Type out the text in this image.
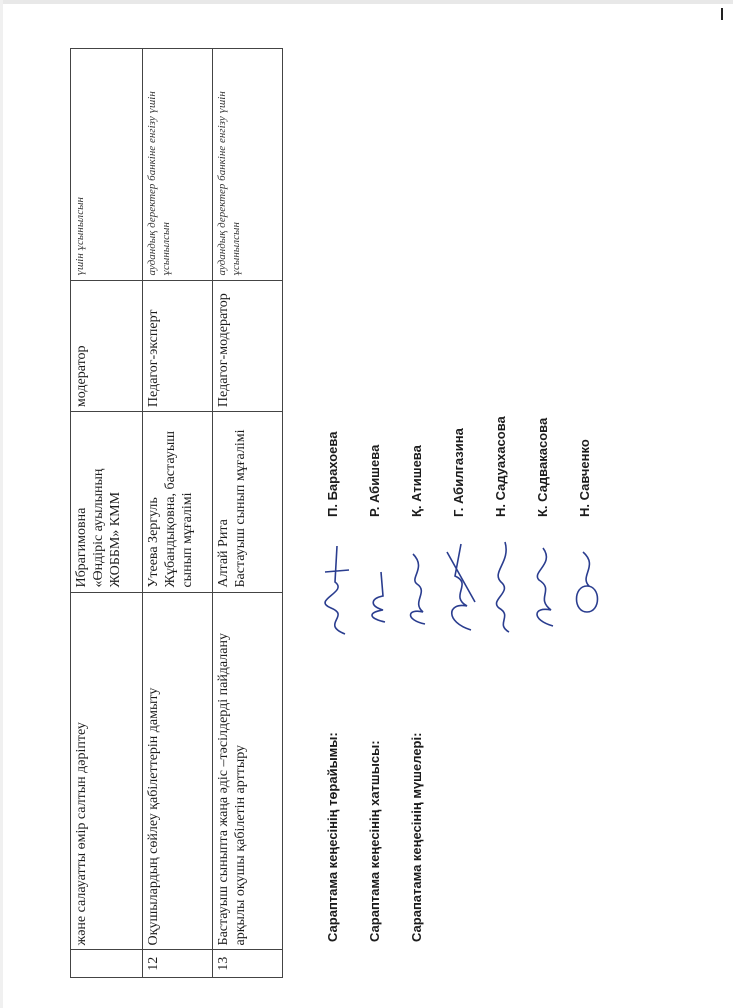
	және салауатты өмір салтын дәріптеу	Ибрагимовна «Өндіріс ауылының ЖОББМ» КММ	модератор	үшін ұсынылсын
12	Оқушылардың сөйлеу қабілеттерін дамыту	Утеева Зергуль Жұбандықовна, бастауыш сынып мұғалімі	Педагог-эксперт	аудандық деректер банкіне енгізу үшін ұсынылсын
13	Бастауыш сыныпта жаңа әдіс –тәсілдерді пайдалану арқылы оқушы қабілетін арттыру	Алтай Рита Бастауыш сынып мұғалімі	Педагог-модератор	аудандық деректер банкіне енгізу үшін ұсынылсын
Сараптама кеңесінің төрайымы:
П. Барахоева
Сараптама кеңесінің хатшысы:
Р. Абишева
Сарапатама кеңесінің мүшелері:
Қ. Атишева Г. Абилгазина Н. Садуахасова К. Садвакасова Н. Савченко
